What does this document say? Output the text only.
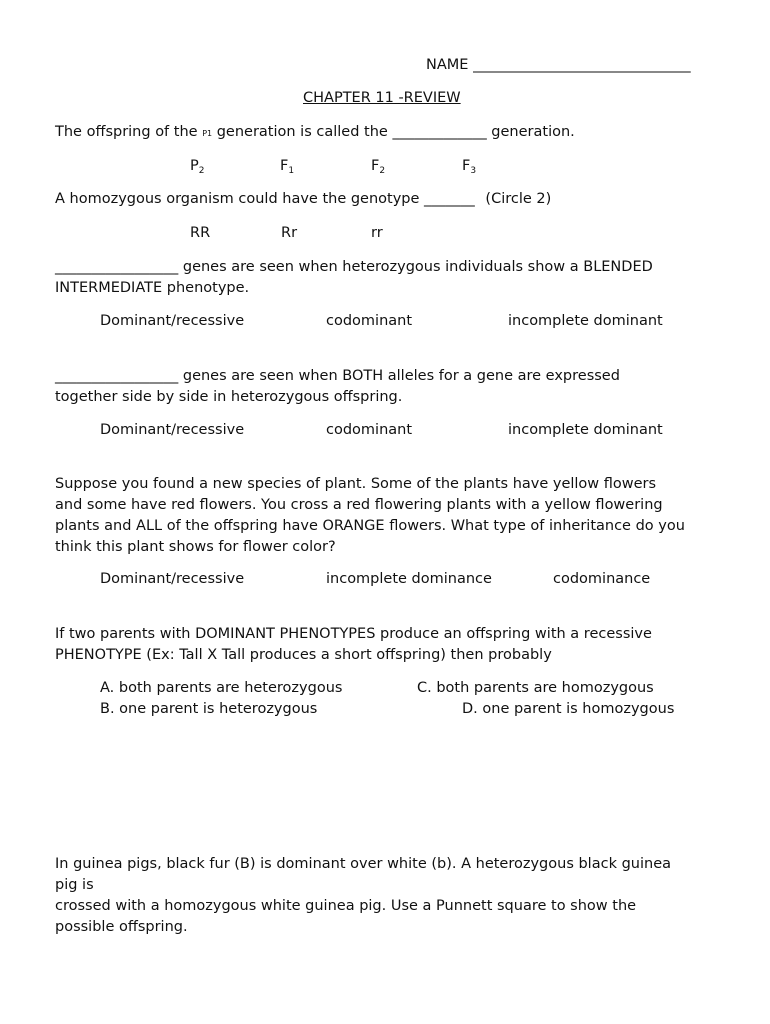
NAME ______________________________
CHAPTER 11 -REVIEW
The offspring of the P1 generation is called the _____________ generation.
$P_2$	$F_1$	$F_2$	$F_3$
A homozygous organism could have the genotype _______ (Circle 2)
RR	Rr	rr
_________________ genes are seen when heterozygous individuals show a BLENDED
INTERMEDIATE phenotype.
Dominant/recessive	codominant	incomplete dominant
_________________ genes are seen when BOTH alleles for a gene are expressed
together side by side in heterozygous offspring.
Dominant/recessive	codominant	incomplete dominant
Suppose you found a new species of plant. Some of the plants have yellow flowers
and some have red flowers. You cross a red flowering plants with a yellow flowering
plants and ALL of the offspring have ORANGE flowers. What type of inheritance do you
think this plant shows for flower color?
Dominant/recessive	incomplete dominance	codominance
If two parents with DOMINANT PHENOTYPES produce an offspring with a recessive
PHENOTYPE (Ex: Tall X Tall produces a short offspring) then probably
A. both parents are heterozygous	C. both parents are homozygous
B. one parent is heterozygous	D. one parent is homozygous
In guinea pigs, black fur (B) is dominant over white (b). A heterozygous black guinea
pig is
crossed with a homozygous white guinea pig. Use a Punnett square to show the
possible offspring.
